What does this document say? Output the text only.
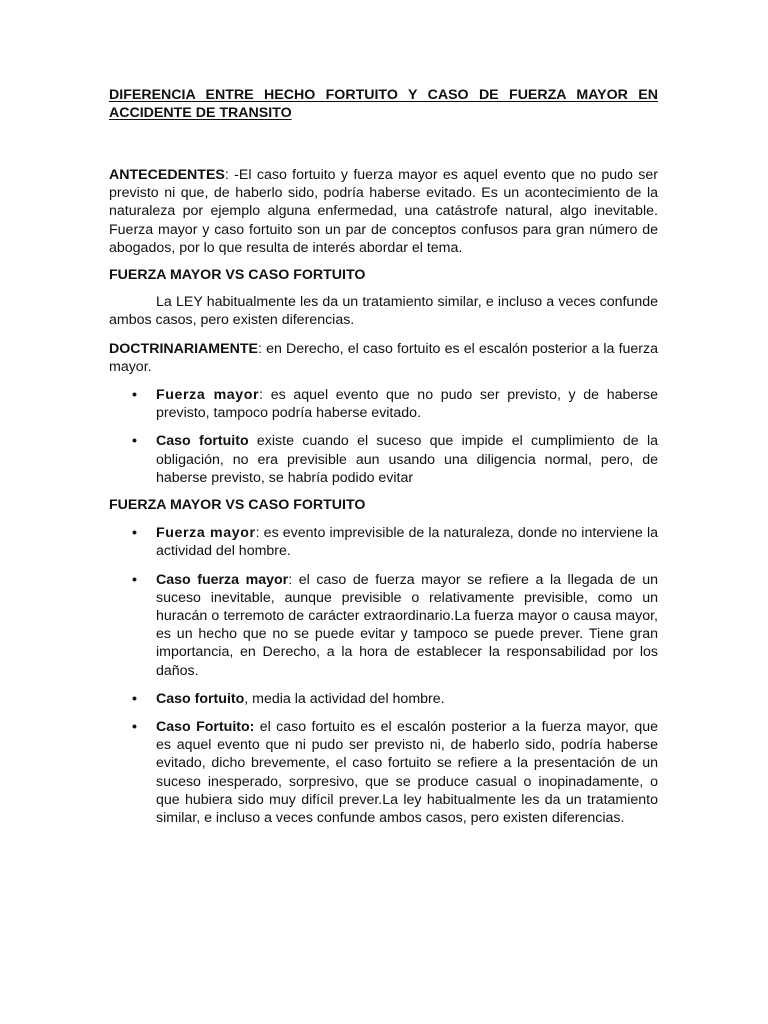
DIFERENCIA ENTRE HECHO FORTUITO Y CASO DE FUERZA MAYOR EN ACCIDENTE DE TRANSITO

ANTECEDENTES: -El caso fortuito y fuerza mayor es aquel evento que no pudo ser previsto ni que, de haberlo sido, podría haberse evitado. Es un acontecimiento de la naturaleza por ejemplo alguna enfermedad, una catástrofe natural, algo inevitable. Fuerza mayor y caso fortuito son un par de conceptos confusos para gran número de abogados, por lo que resulta de interés abordar el tema.

FUERZA MAYOR VS CASO FORTUITO

La LEY habitualmente les da un tratamiento similar, e incluso a veces confunde ambos casos, pero existen diferencias.

DOCTRINARIAMENTE: en Derecho, el caso fortuito es el escalón posterior a la fuerza mayor.

• Fuerza mayor: es aquel evento que no pudo ser previsto, y de haberse previsto, tampoco podría haberse evitado.

• Caso fortuito existe cuando el suceso que impide el cumplimiento de la obligación, no era previsible aun usando una diligencia normal, pero, de haberse previsto, se habría podido evitar

FUERZA MAYOR VS CASO FORTUITO

• Fuerza mayor: es evento imprevisible de la naturaleza, donde no interviene la actividad del hombre.

• Caso fuerza mayor: el caso de fuerza mayor se refiere a la llegada de un suceso inevitable, aunque previsible o relativamente previsible, como un huracán o terremoto de carácter extraordinario.La fuerza mayor o causa mayor, es un hecho que no se puede evitar y tampoco se puede prever. Tiene gran importancia, en Derecho, a la hora de establecer la responsabilidad por los daños.

• Caso fortuito, media la actividad del hombre.

• Caso Fortuito: el caso fortuito es el escalón posterior a la fuerza mayor, que es aquel evento que ni pudo ser previsto ni, de haberlo sido, podría haberse evitado, dicho brevemente, el caso fortuito se refiere a la presentación de un suceso inesperado, sorpresivo, que se produce casual o inopinadamente, o que hubiera sido muy difícil prever.La ley habitualmente les da un tratamiento similar, e incluso a veces confunde ambos casos, pero existen diferencias.
